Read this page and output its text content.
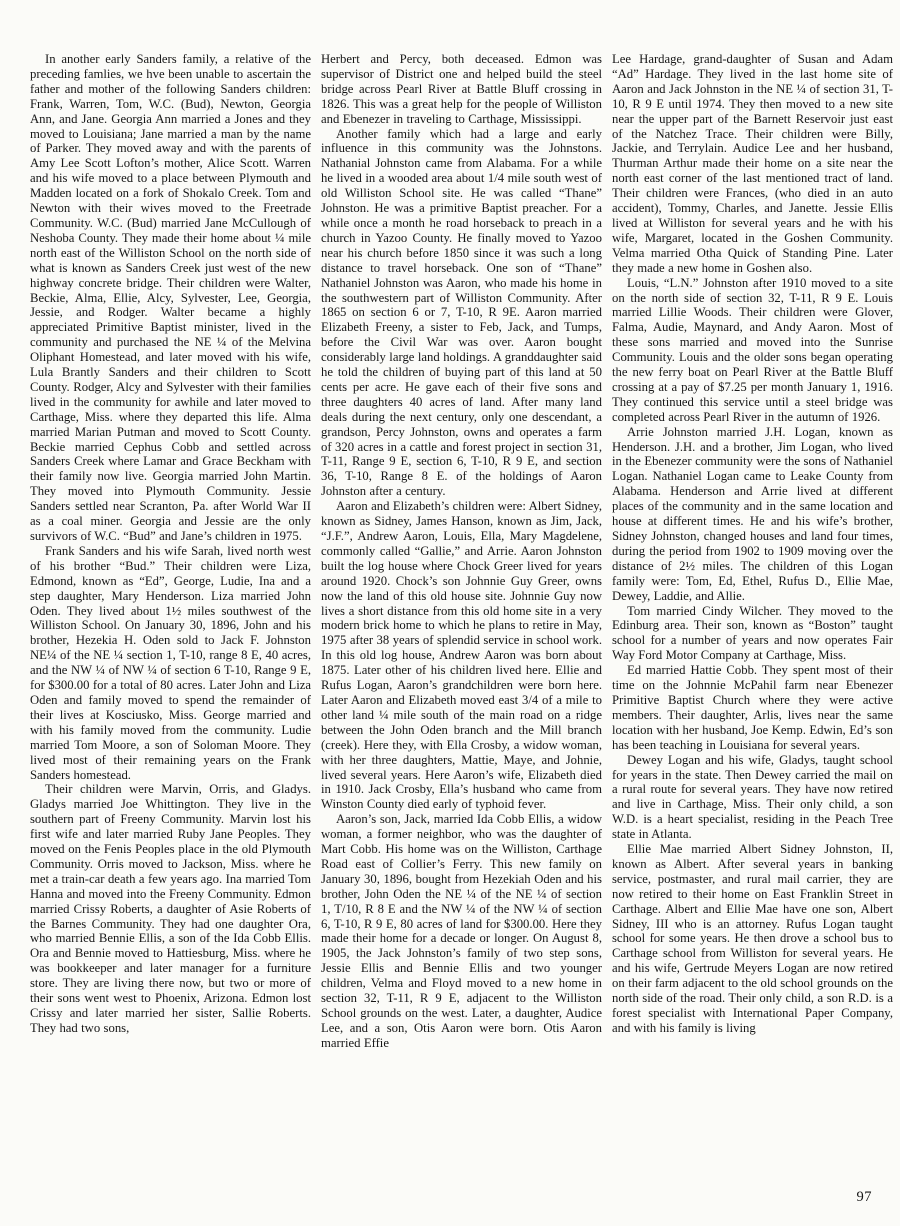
In another early Sanders family, a relative of the preceding famlies, we hve been unable to ascertain the father and mother of the following Sanders children: Frank, Warren, Tom, W.C. (Bud), Newton, Georgia Ann, and Jane. Georgia Ann married a Jones and they moved to Louisiana; Jane married a man by the name of Parker. They moved away and with the parents of Amy Lee Scott Lofton’s mother, Alice Scott. Warren and his wife moved to a place between Plymouth and Madden located on a fork of Shokalo Creek. Tom and Newton with their wives moved to the Freetrade Community. W.C. (Bud) married Jane McCullough of Neshoba County. They made their home about ¼ mile north east of the Williston School on the north side of what is known as Sanders Creek just west of the new highway concrete bridge. Their children were Walter, Beckie, Alma, Ellie, Alcy, Sylvester, Lee, Georgia, Jessie, and Rodger. Walter became a highly appreciated Primitive Baptist minister, lived in the community and purchased the NE ¼ of the Melvina Oliphant Homestead, and later moved with his wife, Lula Brantly Sanders and their children to Scott County. Rodger, Alcy and Sylvester with their families lived in the community for awhile and later moved to Carthage, Miss. where they departed this life. Alma married Marian Putman and moved to Scott County. Beckie married Cephus Cobb and settled across Sanders Creek where Lamar and Grace Beckham with their family now live. Georgia married John Martin. They moved into Plymouth Community. Jessie Sanders settled near Scranton, Pa. after World War II as a coal miner. Georgia and Jessie are the only survivors of W.C. “Bud” and Jane’s children in 1975.

Frank Sanders and his wife Sarah, lived north west of his brother “Bud.” Their children were Liza, Edmond, known as “Ed”, George, Ludie, Ina and a step daughter, Mary Henderson. Liza married John Oden. They lived about 1½ miles southwest of the Williston School. On January 30, 1896, John and his brother, Hezekia H. Oden sold to Jack F. Johnston NE¼ of the NE ¼ section 1, T-10, range 8 E, 40 acres, and the NW ¼ of NW ¼ of section 6 T-10, Range 9 E, for $300.00 for a total of 80 acres. Later John and Liza Oden and family moved to spend the remainder of their lives at Kosciusko, Miss. George married and with his family moved from the community. Ludie married Tom Moore, a son of Soloman Moore. They lived most of their remaining years on the Frank Sanders homestead.

Their children were Marvin, Orris, and Gladys. Gladys married Joe Whittington. They live in the southern part of Freeny Community. Marvin lost his first wife and later married Ruby Jane Peoples. They moved on the Fenis Peoples place in the old Plymouth Community. Orris moved to Jackson, Miss. where he met a train-car death a few years ago. Ina married Tom Hanna and moved into the Freeny Community. Edmon married Crissy Roberts, a daughter of Asie Roberts of the Barnes Community. They had one daughter Ora, who married Bennie Ellis, a son of the Ida Cobb Ellis. Ora and Bennie moved to Hattiesburg, Miss. where he was bookkeeper and later manager for a furniture store. They are living there now, but two or more of their sons went west to Phoenix, Arizona. Edmon lost Crissy and later married her sister, Sallie Roberts. They had two sons,

Herbert and Percy, both deceased. Edmon was supervisor of District one and helped build the steel bridge across Pearl River at Battle Bluff crossing in 1826. This was a great help for the people of Williston and Ebenezer in traveling to Carthage, Mississippi.

Another family which had a large and early influence in this community was the Johnstons. Nathanial Johnston came from Alabama. For a while he lived in a wooded area about 1/4 mile south west of old Williston School site. He was called “Thane” Johnston. He was a primitive Baptist preacher. For a while once a month he road horseback to preach in a church in Yazoo County. He finally moved to Yazoo near his church before 1850 since it was such a long distance to travel horseback. One son of “Thane” Nathaniel Johnston was Aaron, who made his home in the southwestern part of Williston Community. After 1865 on section 6 or 7, T-10, R 9E. Aaron married Elizabeth Freeny, a sister to Feb, Jack, and Tumps, before the Civil War was over. Aaron bought considerably large land holdings. A granddaughter said he told the children of buying part of this land at 50 cents per acre. He gave each of their five sons and three daughters 40 acres of land. After many land deals during the next century, only one descendant, a grandson, Percy Johnston, owns and operates a farm of 320 acres in a cattle and forest project in section 31, T-11, Range 9 E, section 6, T-10, R 9 E, and section 36, T-10, Range 8 E. of the holdings of Aaron Johnston after a century.

Aaron and Elizabeth’s children were: Albert Sidney, known as Sidney, James Hanson, known as Jim, Jack, “J.F.”, Andrew Aaron, Louis, Ella, Mary Magdelene, commonly called “Gallie,” and Arrie. Aaron Johnston built the log house where Chock Greer lived for years around 1920. Chock’s son Johnnie Guy Greer, owns now the land of this old house site. Johnnie Guy now lives a short distance from this old home site in a very modern brick home to which he plans to retire in May, 1975 after 38 years of splendid service in school work. In this old log house, Andrew Aaron was born about 1875. Later other of his children lived here. Ellie and Rufus Logan, Aaron’s grandchildren were born here. Later Aaron and Elizabeth moved east 3/4 of a mile to other land ¼ mile south of the main road on a ridge between the John Oden branch and the Mill branch (creek). Here they, with Ella Crosby, a widow woman, with her three daughters, Mattie, Maye, and Johnie, lived several years. Here Aaron’s wife, Elizabeth died in 1910. Jack Crosby, Ella’s husband who came from Winston County died early of typhoid fever.

Aaron’s son, Jack, married Ida Cobb Ellis, a widow woman, a former neighbor, who was the daughter of Mart Cobb. His home was on the Williston, Carthage Road east of Collier’s Ferry. This new family on January 30, 1896, bought from Hezekiah Oden and his brother, John Oden the NE ¼ of the NE ¼ of section 1, T/10, R 8 E and the NW ¼ of the NW ¼ of section 6, T-10, R 9 E, 80 acres of land for $300.00. Here they made their home for a decade or longer. On August 8, 1905, the Jack Johnston’s family of two step sons, Jessie Ellis and Bennie Ellis and two younger children, Velma and Floyd moved to a new home in section 32, T-11, R 9 E, adjacent to the Williston School grounds on the west. Later, a daughter, Audice Lee, and a son, Otis Aaron were born. Otis Aaron married Effie

Lee Hardage, grand-daughter of Susan and Adam “Ad” Hardage. They lived in the last home site of Aaron and Jack Johnston in the NE ¼ of section 31, T-10, R 9 E until 1974. They then moved to a new site near the upper part of the Barnett Reservoir just east of the Natchez Trace. Their children were Billy, Jackie, and Terrylain. Audice Lee and her husband, Thurman Arthur made their home on a site near the north east corner of the last mentioned tract of land. Their children were Frances, (who died in an auto accident), Tommy, Charles, and Janette. Jessie Ellis lived at Williston for several years and he with his wife, Margaret, located in the Goshen Community. Velma married Otha Quick of Standing Pine. Later they made a new home in Goshen also.

Louis, “L.N.” Johnston after 1910 moved to a site on the north side of section 32, T-11, R 9 E. Louis married Lillie Woods. Their children were Glover, Falma, Audie, Maynard, and Andy Aaron. Most of these sons married and moved into the Sunrise Community. Louis and the older sons began operating the new ferry boat on Pearl River at the Battle Bluff crossing at a pay of $7.25 per month January 1, 1916. They continued this service until a steel bridge was completed across Pearl River in the autumn of 1926.

Arrie Johnston married J.H. Logan, known as Henderson. J.H. and a brother, Jim Logan, who lived in the Ebenezer community were the sons of Nathaniel Logan. Nathaniel Logan came to Leake County from Alabama. Henderson and Arrie lived at different places of the community and in the same location and house at different times. He and his wife’s brother, Sidney Johnston, changed houses and land four times, during the period from 1902 to 1909 moving over the distance of 2½ miles. The children of this Logan family were: Tom, Ed, Ethel, Rufus D., Ellie Mae, Dewey, Laddie, and Allie.

Tom married Cindy Wilcher. They moved to the Edinburg area. Their son, known as “Boston” taught school for a number of years and now operates Fair Way Ford Motor Company at Carthage, Miss.

Ed married Hattie Cobb. They spent most of their time on the Johnnie McPahil farm near Ebenezer Primitive Baptist Church where they were active members. Their daughter, Arlis, lives near the same location with her husband, Joe Kemp. Edwin, Ed’s son has been teaching in Louisiana for several years.

Dewey Logan and his wife, Gladys, taught school for years in the state. Then Dewey carried the mail on a rural route for several years. They have now retired and live in Carthage, Miss. Their only child, a son W.D. is a heart specialist, residing in the Peach Tree state in Atlanta.

Ellie Mae married Albert Sidney Johnston, II, known as Albert. After several years in banking service, postmaster, and rural mail carrier, they are now retired to their home on East Franklin Street in Carthage. Albert and Ellie Mae have one son, Albert Sidney, III who is an attorney. Rufus Logan taught school for some years. He then drove a school bus to Carthage school from Williston for several years. He and his wife, Gertrude Meyers Logan are now retired on their farm adjacent to the old school grounds on the north side of the road. Their only child, a son R.D. is a forest specialist with International Paper Company, and with his family is living

97
